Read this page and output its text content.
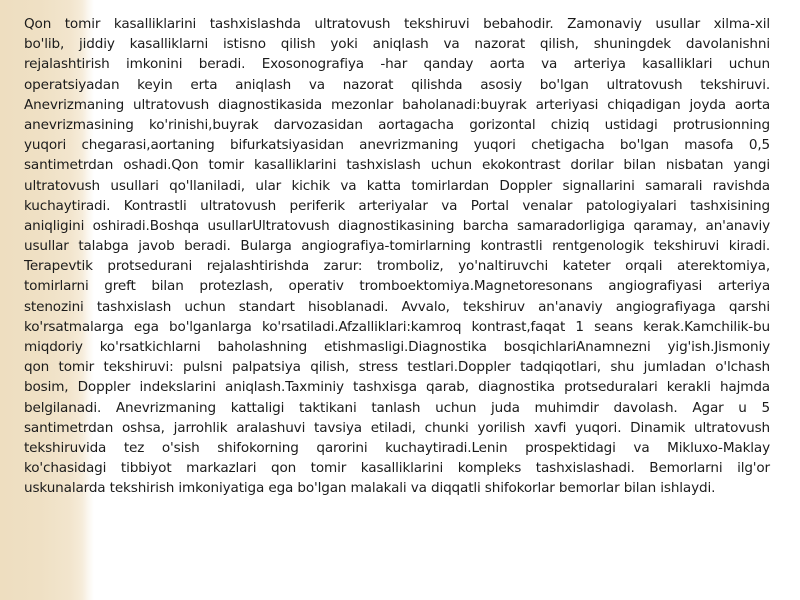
Qon tomir kasalliklarini tashxislashda ultratovush tekshiruvi bebahodir. Zamonaviy usullar xilma-xil
bo'lib, jiddiy kasalliklarni istisno qilish yoki aniqlash va nazorat qilish, shuningdek davolanishni
rejalashtirish imkonini beradi. Exosonografiya -har qanday aorta va arteriya kasalliklari uchun
operatsiyadan keyin erta aniqlash va nazorat qilishda asosiy bo'lgan ultratovush tekshiruvi.
Anevrizmaning ultratovush diagnostikasida mezonlar baholanadi:buyrak arteriyasi chiqadigan joyda aorta
anevrizmasining ko'rinishi,buyrak darvozasidan aortagacha gorizontal chiziq ustidagi protrusionning
yuqori chegarasi,aortaning bifurkatsiyasidan anevrizmaning yuqori chetigacha bo'lgan masofa 0,5
santimetrdan oshadi.Qon tomir kasalliklarini tashxislash uchun ekokontrast dorilar bilan nisbatan yangi
ultratovush usullari qo'llaniladi, ular kichik va katta tomirlardan Doppler signallarini samarali ravishda
kuchaytiradi. Kontrastli ultratovush periferik arteriyalar va Portal venalar patologiyalari tashxisining
aniqligini oshiradi.Boshqa usullarUltratovush diagnostikasining barcha samaradorligiga qaramay, an'anaviy
usullar talabga javob beradi. Bularga angiografiya-tomirlarning kontrastli rentgenologik tekshiruvi kiradi.
Terapevtik protsedurani rejalashtirishda zarur: tromboliz, yo'naltiruvchi kateter orqali aterektomiya,
tomirlarni greft bilan protezlash, operativ tromboektomiya.Magnetoresonans angiografiyasi arteriya
stenozini tashxislash uchun standart hisoblanadi. Avvalo, tekshiruv an'anaviy angiografiyaga qarshi
ko'rsatmalarga ega bo'lganlarga ko'rsatiladi.Afzalliklari:kamroq kontrast,faqat 1 seans kerak.Kamchilik-bu
miqdoriy ko'rsatkichlarni baholashning etishmasligi.Diagnostika bosqichlariAnamnezni yig'ish.Jismoniy
qon tomir tekshiruvi: pulsni palpatsiya qilish, stress testlari.Doppler tadqiqotlari, shu jumladan o'lchash
bosim, Doppler indekslarini aniqlash.Taxminiy tashxisga qarab, diagnostika protseduralari kerakli hajmda
belgilanadi. Anevrizmaning kattaligi taktikani tanlash uchun juda muhimdir davolash. Agar u 5
santimetrdan oshsa, jarrohlik aralashuvi tavsiya etiladi, chunki yorilish xavfi yuqori. Dinamik ultratovush
tekshiruvida tez o'sish shifokorning qarorini kuchaytiradi.Lenin prospektidagi va Mikluxo-Maklay
ko'chasidagi tibbiyot markazlari qon tomir kasalliklarini kompleks tashxislashadi. Bemorlarni ilg'or
uskunalarda tekshirish imkoniyatiga ega bo'lgan malakali va diqqatli shifokorlar bemorlar bilan ishlaydi.
